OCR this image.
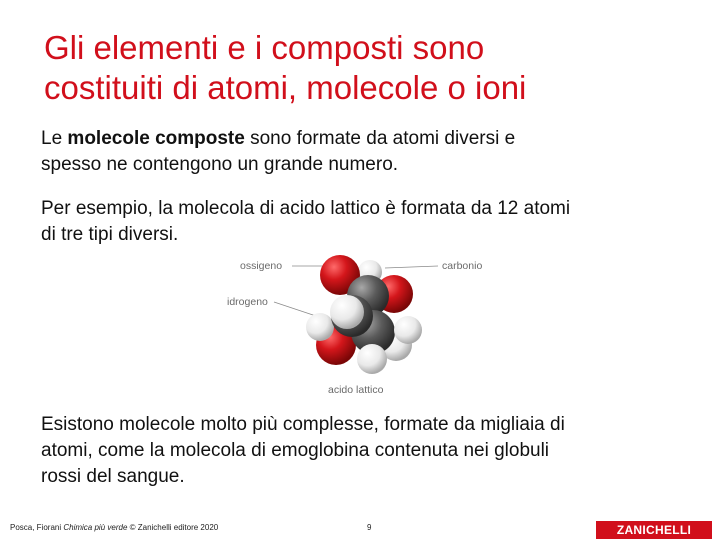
Gli elementi e i composti sono
costituiti di atomi, molecole o ioni
Le molecole composte sono formate da atomi diversi e
spesso ne contengono un grande numero.
Per esempio, la molecola di acido lattico è formata da 12 atomi
di tre tipi diversi.
ossigeno	carbonio
idrogeno
acido lattico
Esistono molecole molto più complesse, formate da migliaia di
atomi, come la molecola di emoglobina contenuta nei globuli
rossi del sangue.
Posca, Fiorani Chimica più verde © Zanichelli editore 2020	9	ZANICHELLI
